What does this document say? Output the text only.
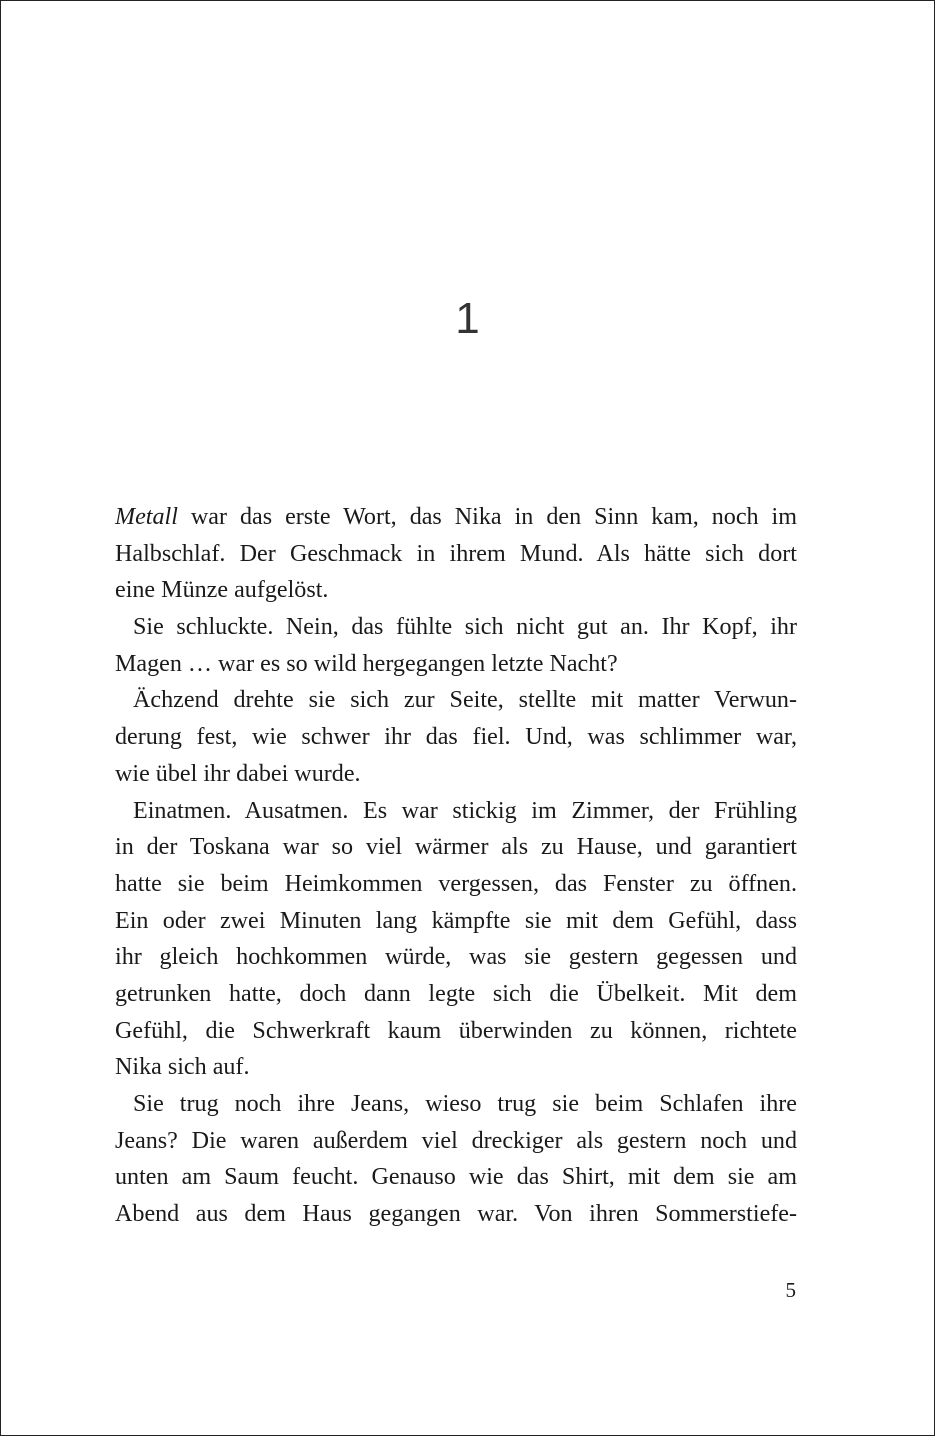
1
Metall war das erste Wort, das Nika in den Sinn kam, noch im
Halbschlaf. Der Geschmack in ihrem Mund. Als hätte sich dort
eine Münze aufgelöst.
Sie schluckte. Nein, das fühlte sich nicht gut an. Ihr Kopf, ihr
Magen … war es so wild hergegangen letzte Nacht?
Ächzend drehte sie sich zur Seite, stellte mit matter Verwun-
derung fest, wie schwer ihr das fiel. Und, was schlimmer war,
wie übel ihr dabei wurde.
Einatmen. Ausatmen. Es war stickig im Zimmer, der Frühling
in der Toskana war so viel wärmer als zu Hause, und garantiert
hatte sie beim Heimkommen vergessen, das Fenster zu öffnen.
Ein oder zwei Minuten lang kämpfte sie mit dem Gefühl, dass
ihr gleich hochkommen würde, was sie gestern gegessen und
getrunken hatte, doch dann legte sich die Übelkeit. Mit dem
Gefühl, die Schwerkraft kaum überwinden zu können, richtete
Nika sich auf.
Sie trug noch ihre Jeans, wieso trug sie beim Schlafen ihre
Jeans? Die waren außerdem viel dreckiger als gestern noch und
unten am Saum feucht. Genauso wie das Shirt, mit dem sie am
Abend aus dem Haus gegangen war. Von ihren Sommerstiefe-
5
